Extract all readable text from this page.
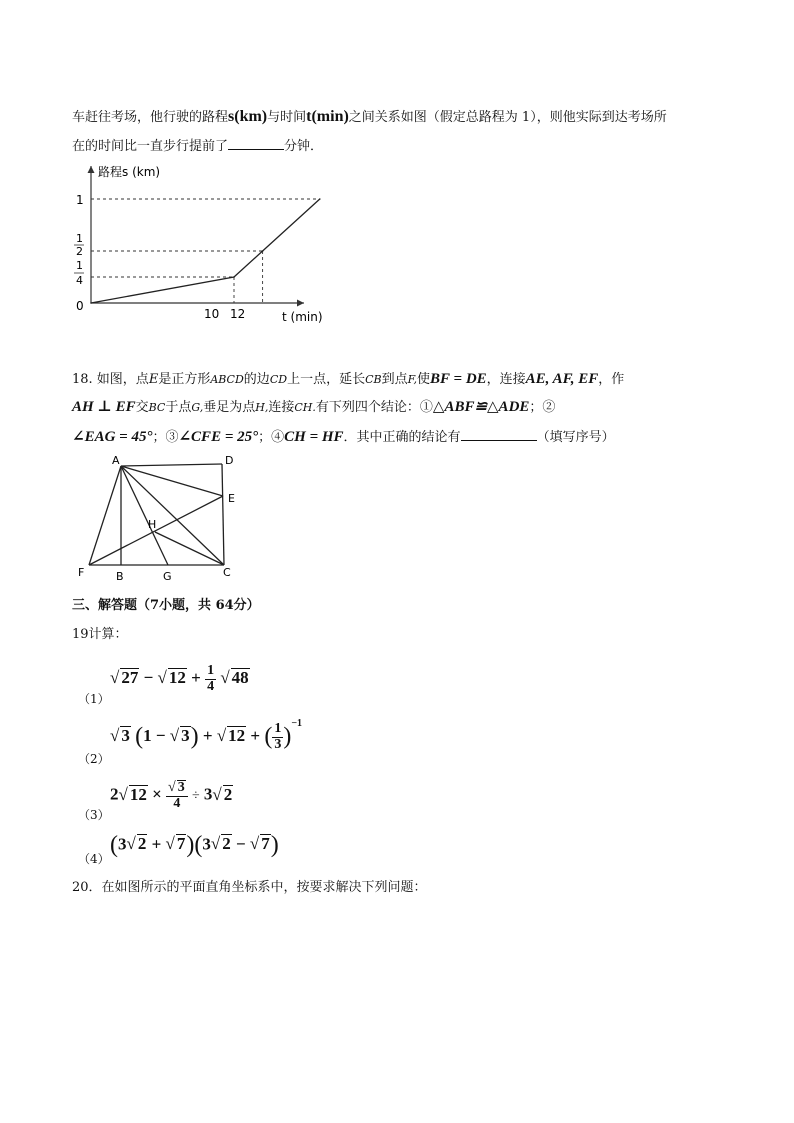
车赶往考场，他行驶的路程s(km)与时间t(min)之间关系如图（假定总路程为 1），则他实际到达考场所
在的时间比一直步行提前了	分钟．
路程s (km)
t (min)
0
1
1
2
1
4
10 12
18. 如图，点E是正方形ABCD的边CD上一点，延长CB到点F,使BF = DE，连接AE, AF, EF，作
AH ⊥ EF交BC于点G,垂足为点H,连接CH.有下列四个结论：①△ABF≌△ADE；②
∠EAG = 45°；③∠CFE = 25°；④CH = HF．其中正确的结论有	（填写序号）
A	D
E
H
F	B	G	C
三、解答题（7小题，共 64分）
19计算：
（1）
√ 27 − √ $12 + \frac{1}{4}$ √ 48
（2）
√ 3 (1 − √ 3) + √ 12 + ( $\frac{1}{3} )^{-1}$
（3）
2 √ 12 × √ $\frac{3}{4} \div 3$ √ 2
（4）
(3 √ 2 + √ 7)(3 √ 2 − √ 7)
20．在如图所示的平面直角坐标系中，按要求解决下列问题：
